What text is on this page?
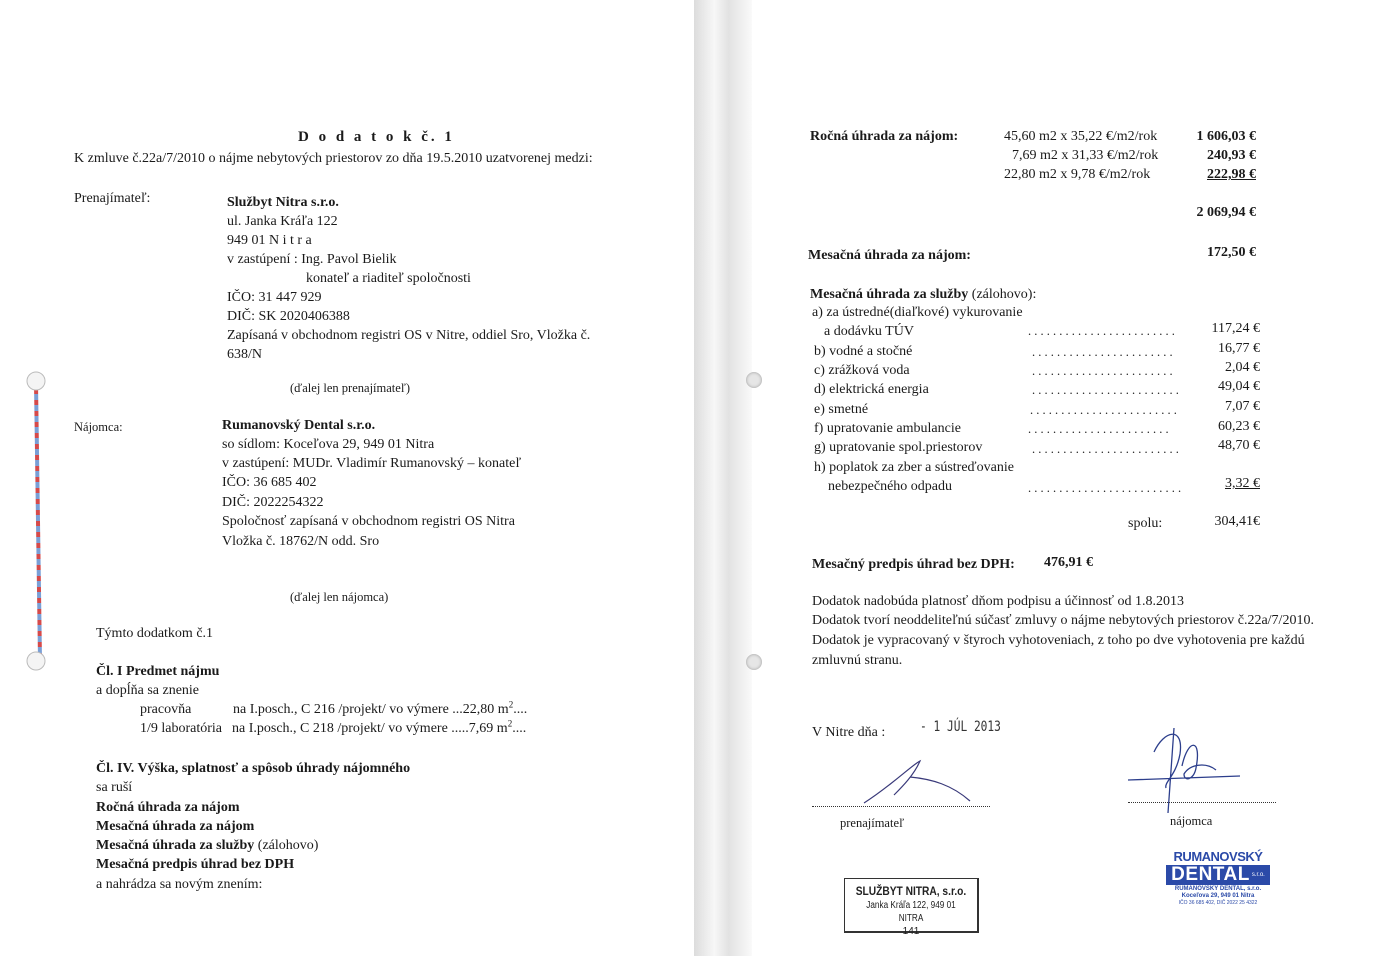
D o d a t o k č. 1
K zmluve č.22a/7/2010 o nájme nebytových priestorov zo dňa 19.5.2010 uzatvorenej medzi:
Prenajímateľ:	Službyt Nitra s.r.o.
ul. Janka Kráľa 122
949 01 N i t r a
v zastúpení : Ing. Pavol Bielik
konateľ a riaditeľ spoločnosti
IČO: 31 447 929
DIČ: SK 2020406388
Zapísaná v obchodnom registri OS v Nitre, oddiel Sro, Vložka č.
638/N
(ďalej len prenajímateľ)
Nájomca:	Rumanovský Dental s.r.o.
so sídlom: Koceľova 29, 949 01 Nitra
v zastúpení: MUDr. Vladimír Rumanovský – konateľ
IČO: 36 685 402
DIČ: 2022254322
Spoločnosť zapísaná v obchodnom registri OS Nitra
Vložka č. 18762/N odd. Sro
(ďalej len nájomca)
Týmto dodatkom č.1
Čl. I Predmet nájmu
a dopĺňa sa znenie
pracovňa	na I.posch., C 216 /projekt/ vo výmere ...22,80 $m^2$....
1/9 laboratória na I.posch., C 218 /projekt/ vo výmere .....7,69 $m^2$....
Čl. IV. Výška, splatnosť a spôsob úhrady nájomného
sa ruší
Ročná úhrada za nájom
Mesačná úhrada za nájom
Mesačná úhrada za služby (zálohovo)
Mesačná predpis úhrad bez DPH
a nahrádza sa novým znením:
Ročná úhrada za nájom:	45,60 m2 x 35,22 €/m2/rok	1 606,03 €
7,69 m2 x 31,33 €/m2/rok	240,93 €
22,80 m2 x 9,78 €/m2/rok	222,98 €
2 069,94 €
Mesačná úhrada za nájom:	172,50 €
Mesačná úhrada za služby (zálohovo):
a) za ústredné(diaľkové) vykurovanie
a dodávku TÚV	. . . . . . . . . . . . . . . . . . . . . . . .	117,24 €
b) vodné a stočné	. . . . . . . . . . . . . . . . . . . . . . .	16,77 €
c) zrážková voda	. . . . . . . . . . . . . . . . . . . . . . .	2,04 €
d) elektrická energia	. . . . . . . . . . . . . . . . . . . . . . . .	49,04 €
e) smetné	. . . . . . . . . . . . . . . . . . . . . . . .	7,07 €
f) upratovanie ambulancie	. . . . . . . . . . . . . . . . . . . . . . .	60,23 €
g) upratovanie spol.priestorov	. . . . . . . . . . . . . . . . . . . . . . . .	48,70 €
h) poplatok za zber a sústreďovanie
nebezpečného odpadu	. . . . . . . . . . . . . . . . . . . . . . . . .	3,32 €
spolu:	304,41€
Mesačný predpis úhrad bez DPH: 476,91 €
Dodatok nadobúda platnosť dňom podpisu a účinnosť od 1.8.2013
Dodatok tvorí neoddeliteľnú súčasť zmluvy o nájme nebytových priestorov č.22a/7/2010.
Dodatok je vypracovaný v štyroch vyhotoveniach, z toho po dve vyhotovenia pre každú
zmluvnú stranu.
V Nitre dňa : - 1 JÚL 2013
prenajímateľ	nájomca
SLUŽBYT NITRA, s.r.o.
Janka Kráľa 122, 949 01 NITRA
141
RUMANOVSKÝ
DENTAL s.r.o.
RUMANOVSKÝ DENTAL, s.r.o.
Koceľova 29, 949 01 Nitra
IČO 36 685 402, DIČ 2022 25 4322
